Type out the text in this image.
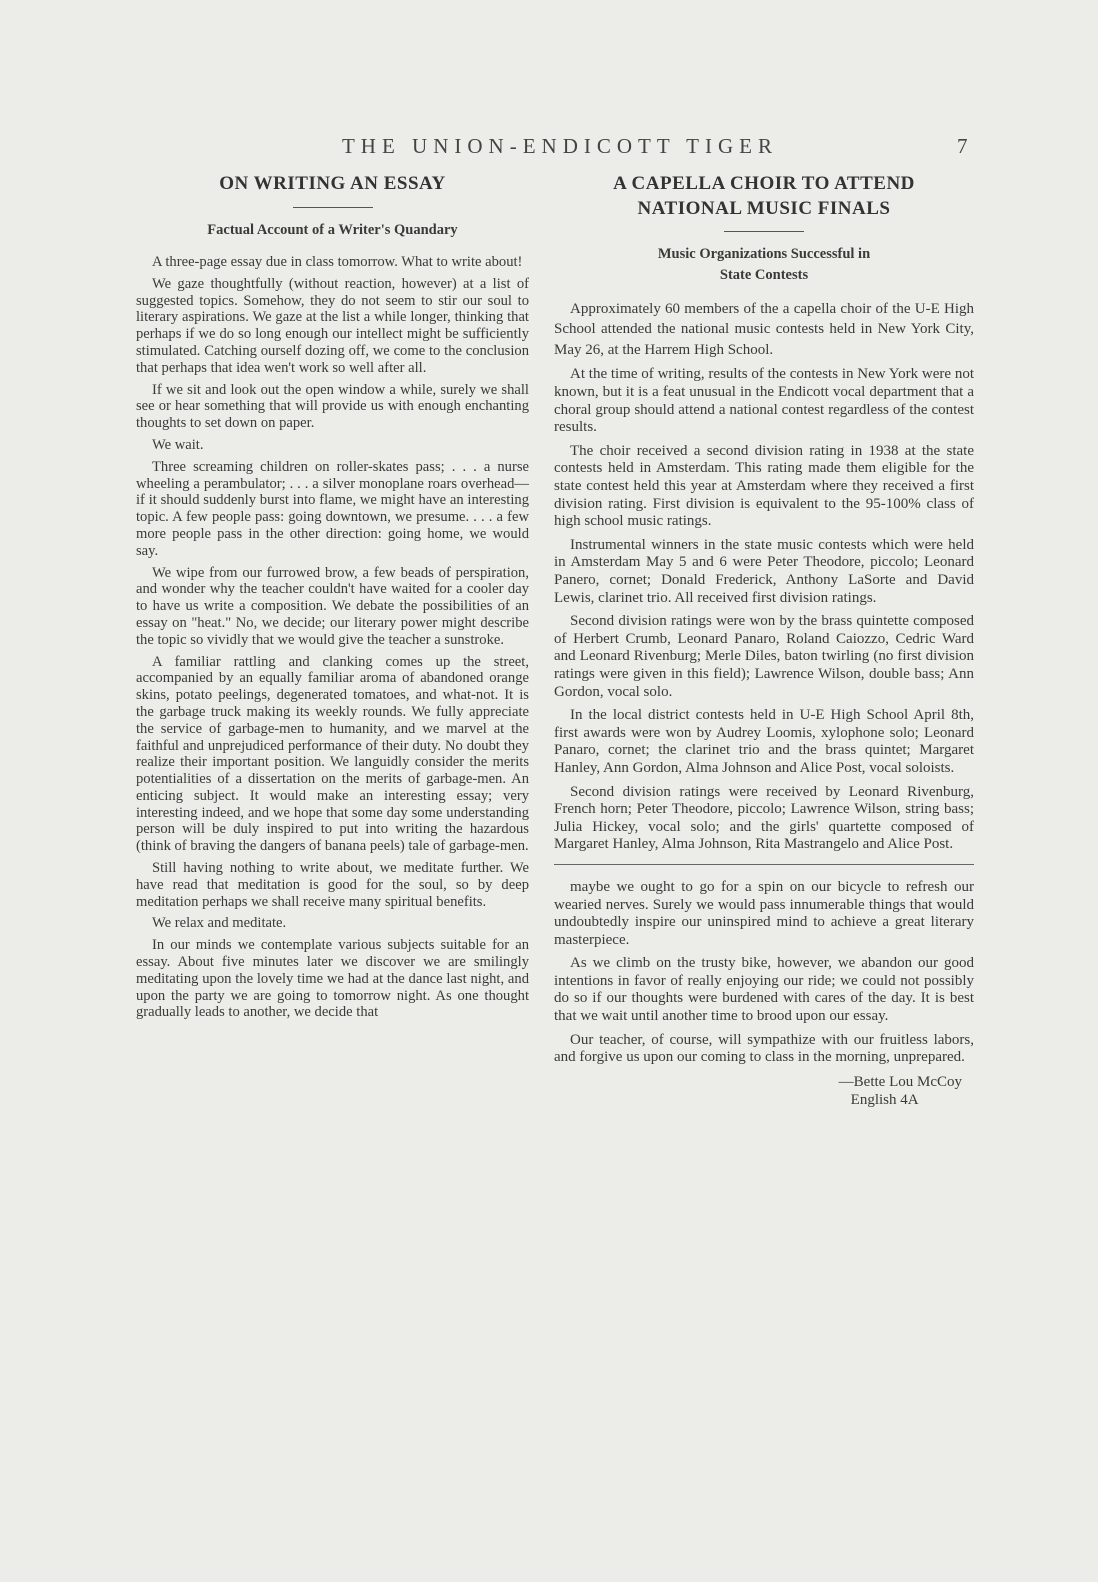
THE UNION-ENDICOTT TIGER	7
ON WRITING AN ESSAY
Factual Account of a Writer's Quandary

A three-page essay due in class tomorrow. What to write about!

We gaze thoughtfully (without reaction, however) at a list of suggested topics. Somehow, they do not seem to stir our soul to literary aspirations. We gaze at the list a while longer, thinking that perhaps if we do so long enough our intellect might be sufficiently stimulated. Catching ourself dozing off, we come to the conclusion that perhaps that idea wen't work so well after all.

If we sit and look out the open window a while, surely we shall see or hear something that will provide us with enough enchanting thoughts to set down on paper.

We wait.

Three screaming children on roller-skates pass; . . . a nurse wheeling a perambulator; . . . a silver monoplane roars overhead—if it should suddenly burst into flame, we might have an interesting topic. A few people pass: going downtown, we presume. . . . a few more people pass in the other direction: going home, we would say.

We wipe from our furrowed brow, a few beads of perspiration, and wonder why the teacher couldn't have waited for a cooler day to have us write a composition. We debate the possibilities of an essay on "heat." No, we decide; our literary power might describe the topic so vividly that we would give the teacher a sunstroke.

A familiar rattling and clanking comes up the street, accompanied by an equally familiar aroma of abandoned orange skins, potato peelings, degenerated tomatoes, and what-not. It is the garbage truck making its weekly rounds. We fully appreciate the service of garbage-men to humanity, and we marvel at the faithful and unprejudiced performance of their duty. No doubt they realize their important position. We languidly consider the merits potentialities of a dissertation on the merits of garbage-men. An enticing subject. It would make an interesting essay; very interesting indeed, and we hope that some day some understanding person will be duly inspired to put into writing the hazardous (think of braving the dangers of banana peels) tale of garbage-men.

Still having nothing to write about, we meditate further. We have read that meditation is good for the soul, so by deep meditation perhaps we shall receive many spiritual benefits.

We relax and meditate.

In our minds we contemplate various subjects suitable for an essay. About five minutes later we discover we are smilingly meditating upon the lovely time we had at the dance last night, and upon the party we are going to tomorrow night. As one thought gradually leads to another, we decide that

A CAPELLA CHOIR TO ATTEND
NATIONAL MUSIC FINALS
Music Organizations Successful in
State Contests

Approximately 60 members of the a capella choir of the U-E High School attended the national music contests held in New York City, May 26, at the Harrem High School.

At the time of writing, results of the contests in New York were not known, but it is a feat unusual in the Endicott vocal department that a choral group should attend a national contest regardless of the contest results.

The choir received a second division rating in 1938 at the state contests held in Amsterdam. This rating made them eligible for the state contest held this year at Amsterdam where they received a first division rating. First division is equivalent to the 95-100% class of high school music ratings.

Instrumental winners in the state music contests which were held in Amsterdam May 5 and 6 were Peter Theodore, piccolo; Leonard Panero, cornet; Donald Frederick, Anthony LaSorte and David Lewis, clarinet trio. All received first division ratings.

Second division ratings were won by the brass quintette composed of Herbert Crumb, Leonard Panaro, Roland Caiozzo, Cedric Ward and Leonard Rivenburg; Merle Diles, baton twirling (no first division ratings were given in this field); Lawrence Wilson, double bass; Ann Gordon, vocal solo.

In the local district contests held in U-E High School April 8th, first awards were won by Audrey Loomis, xylophone solo; Leonard Panaro, cornet; the clarinet trio and the brass quintet; Margaret Hanley, Ann Gordon, Alma Johnson and Alice Post, vocal soloists.

Second division ratings were received by Leonard Rivenburg, French horn; Peter Theodore, piccolo; Lawrence Wilson, string bass; Julia Hickey, vocal solo; and the girls' quartette composed of Margaret Hanley, Alma Johnson, Rita Mastrangelo and Alice Post.

maybe we ought to go for a spin on our bicycle to refresh our wearied nerves. Surely we would pass innumerable things that would undoubtedly inspire our uninspired mind to achieve a great literary masterpiece.

As we climb on the trusty bike, however, we abandon our good intentions in favor of really enjoying our ride; we could not possibly do so if our thoughts were burdened with cares of the day. It is best that we wait until another time to brood upon our essay.

Our teacher, of course, will sympathize with our fruitless labors, and forgive us upon our coming to class in the morning, unprepared.

—Bette Lou McCoy
English 4A
